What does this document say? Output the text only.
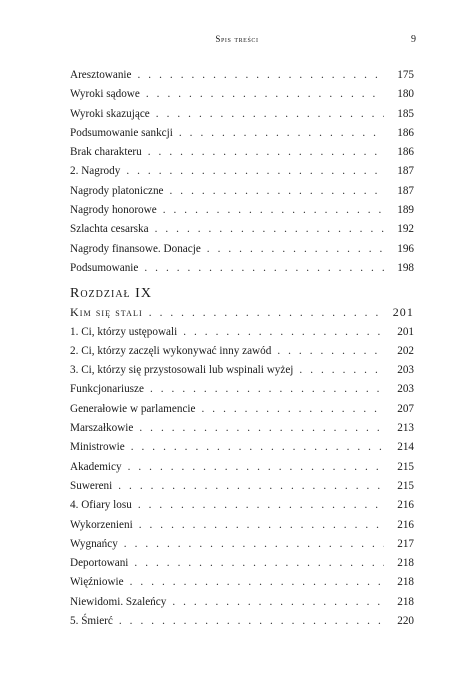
Spis treści	9
Aresztowanie . . .	175
Wyroki sądowe . . .	180
Wyroki skazujące . . .	185
Podsumowanie sankcji . . .	186
Brak charakteru . . .	186
2. Nagrody . . .	187
Nagrody platoniczne . . .	187
Nagrody honorowe . . .	189
Szlachta cesarska . . .	192
Nagrody finansowe. Donacje . . .	196
Podsumowanie . . .	198
Rozdział IX
Kim się stali . . .	201
1. Ci, którzy ustępowali . . .	201
2. Ci, którzy zaczęli wykonywać inny zawód . . .	202
3. Ci, którzy się przystosowali lub wspinali wyżej . . .	203
Funkcjonariusze . . .	203
Generałowie w parlamencie . . .	207
Marszałkowie . . .	213
Ministrowie . . .	214
Akademicy . . .	215
Suwereni . . .	215
4. Ofiary losu . . .	216
Wykorzenieni . . .	216
Wygnańcy . . .	217
Deportowani . . .	218
Więźniowie . . .	218
Niewidomi. Szaleńcy . . .	218
5. Śmierć . . .	220
